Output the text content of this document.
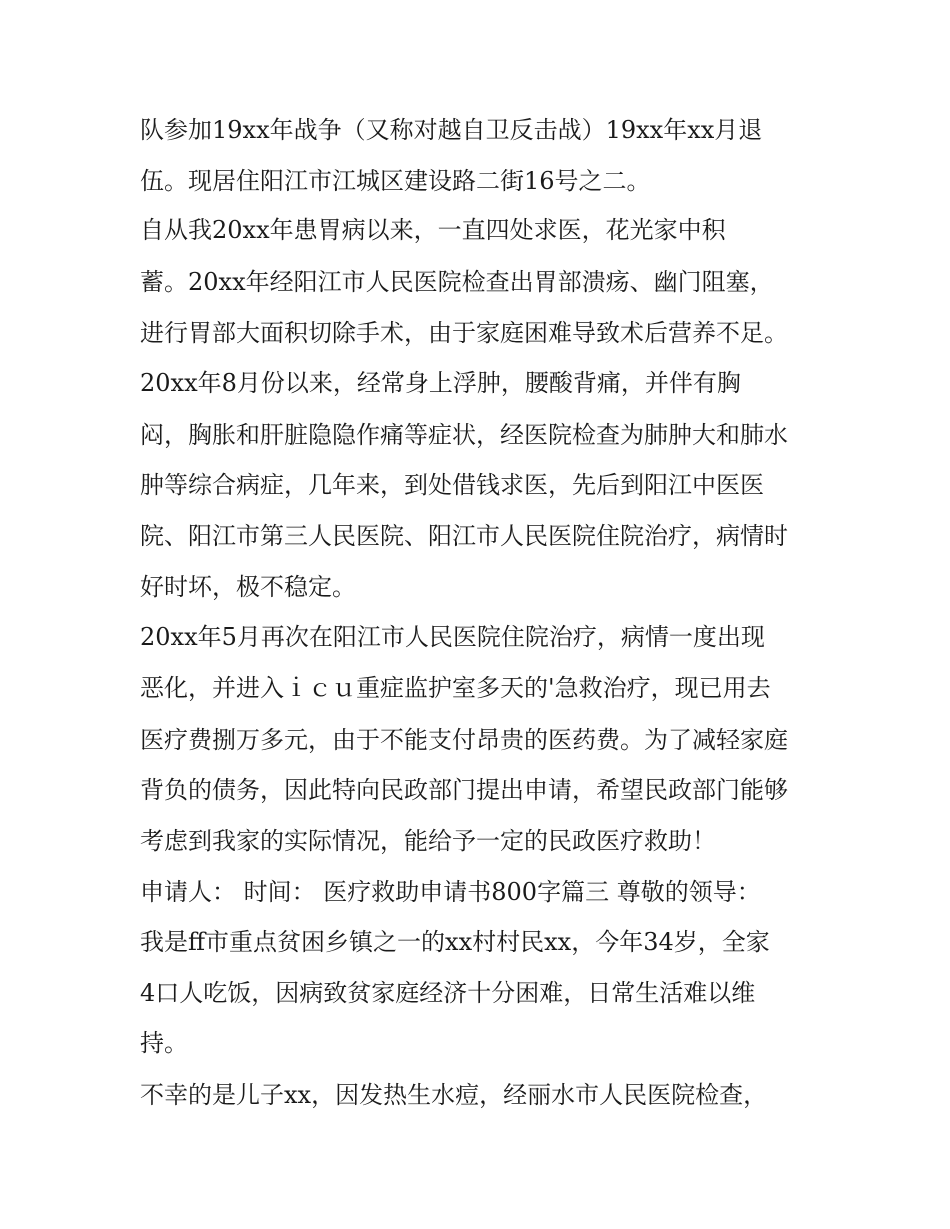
队参加19xx年战争（又称对越自卫反击战）19xx年xx月退

伍。现居住阳江市江城区建设路二街16号之二。

自从我20xx年患胃病以来，一直四处求医，花光家中积

蓄。20xx年经阳江市人民医院检查出胃部溃疡、幽门阻塞，

进行胃部大面积切除手术，由于家庭困难导致术后营养不足。

20xx年8月份以来，经常身上浮肿，腰酸背痛，并伴有胸

闷，胸胀和肝脏隐隐作痛等症状，经医院检查为肺肿大和肺水

肿等综合病症，几年来，到处借钱求医，先后到阳江中医医

院、阳江市第三人民医院、阳江市人民医院住院治疗，病情时

好时坏，极不稳定。

20xx年5月再次在阳江市人民医院住院治疗，病情一度出现

恶化，并进入ｉｃｕ重症监护室多天的'急救治疗，现已用去

医疗费捌万多元，由于不能支付昂贵的医药费。为了减轻家庭

背负的债务，因此特向民政部门提出申请，希望民政部门能够

考虑到我家的实际情况，能给予一定的民政医疗救助！

申请人： 时间： 医疗救助申请书800字篇三 尊敬的领导：

我是ff市重点贫困乡镇之一的xx村村民xx，今年34岁，全家

4口人吃饭，因病致贫家庭经济十分困难，日常生活难以维

持。

不幸的是儿子xx，因发热生水痘，经丽水市人民医院检查，
